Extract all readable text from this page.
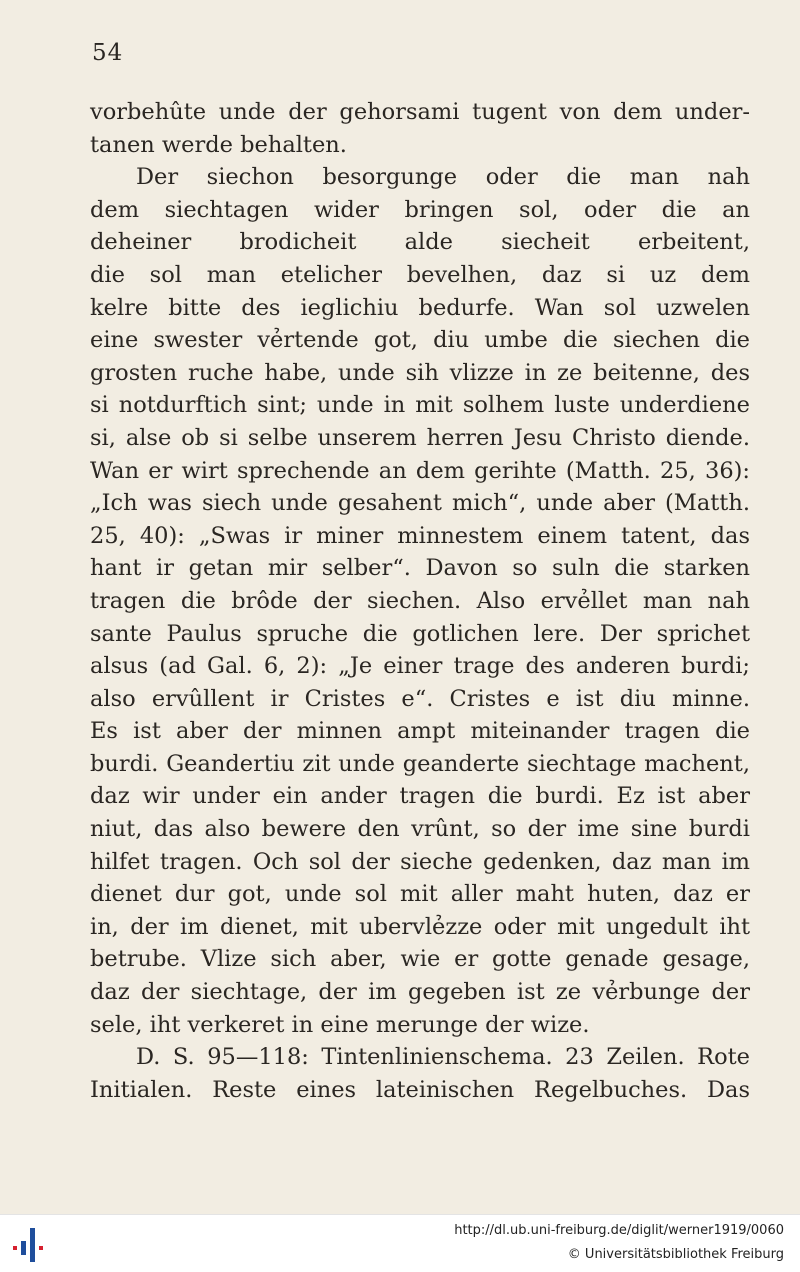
54
vorbehûte unde der gehorsami tugent von dem under-
tanen werde behalten.
Der siechon besorgunge oder die man nah
dem siechtagen wider bringen sol, oder die an
deheiner brodicheit alde siecheit erbeitent,
die sol man etelicher bevelhen, daz si uz dem
kelre bitte des ieglichiu bedurfe. Wan sol uzwelen
eine swester vẻrtende got, diu umbe die siechen die
grosten ruche habe, unde sih vlizze in ze beitenne, des
si notdurftich sint; unde in mit solhem luste underdiene
si, alse ob si selbe unserem herren Jesu Christo diende.
Wan er wirt sprechende an dem gerihte (Matth. 25, 36):
„Ich was siech unde gesahent mich“, unde aber (Matth.
25, 40): „Swas ir miner minnestem einem tatent, das
hant ir getan mir selber“. Davon so suln die starken
tragen die brôde der siechen. Also ervẻllet man nah
sante Paulus spruche die gotlichen lere. Der sprichet
alsus (ad Gal. 6, 2): „Je einer trage des anderen burdi;
also ervûllent ir Cristes e“. Cristes e ist diu minne.
Es ist aber der minnen ampt miteinander tragen die
burdi. Geandertiu zit unde geanderte siechtage machent,
daz wir under ein ander tragen die burdi. Ez ist aber
niut, das also bewere den vrûnt, so der ime sine burdi
hilfet tragen. Och sol der sieche gedenken, daz man im
dienet dur got, unde sol mit aller maht huten, daz er
in, der im dienet, mit ubervlẻzze oder mit ungedult iht
betrube. Vlize sich aber, wie er gotte genade gesage,
daz der siechtage, der im gegeben ist ze vẻrbunge der
sele, iht verkeret in eine merunge der wize.
D. S. 95—118: Tintenlinienschema. 23 Zeilen. Rote
Initialen. Reste eines lateinischen Regelbuches. Das
http://dl.ub.uni-freiburg.de/diglit/werner1919/0060
© Universitätsbibliothek Freiburg
